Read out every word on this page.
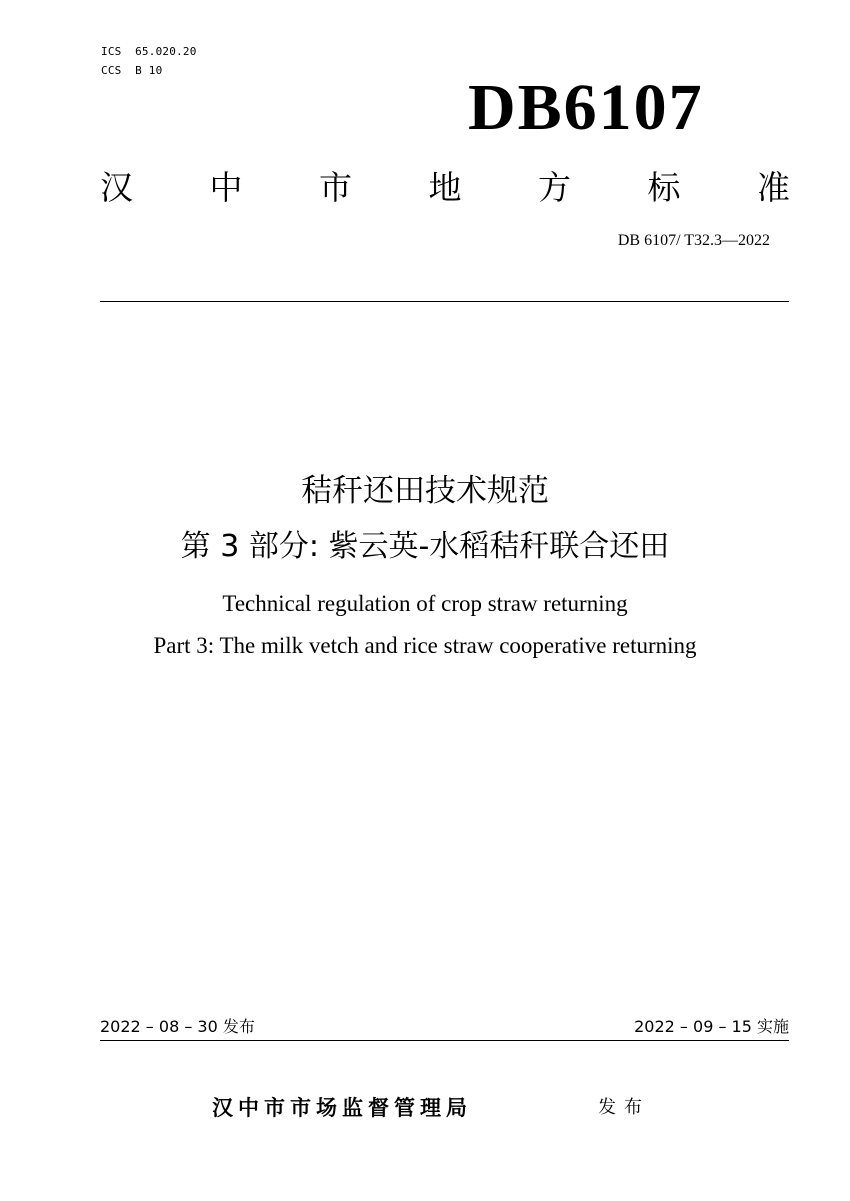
ICS  65.020.20
CCS  B 10
DB6107
汉 中 市 地 方 标 准
DB 6107/ T32.3—2022
秸秆还田技术规范
第 3 部分: 紫云英-水稻秸秆联合还田
Technical regulation of crop straw returning
Part 3: The milk vetch and rice straw cooperative returning
2022 – 08 – 30 发布	2022 – 09 – 15 实施
汉中市市场监督管理局	发布
